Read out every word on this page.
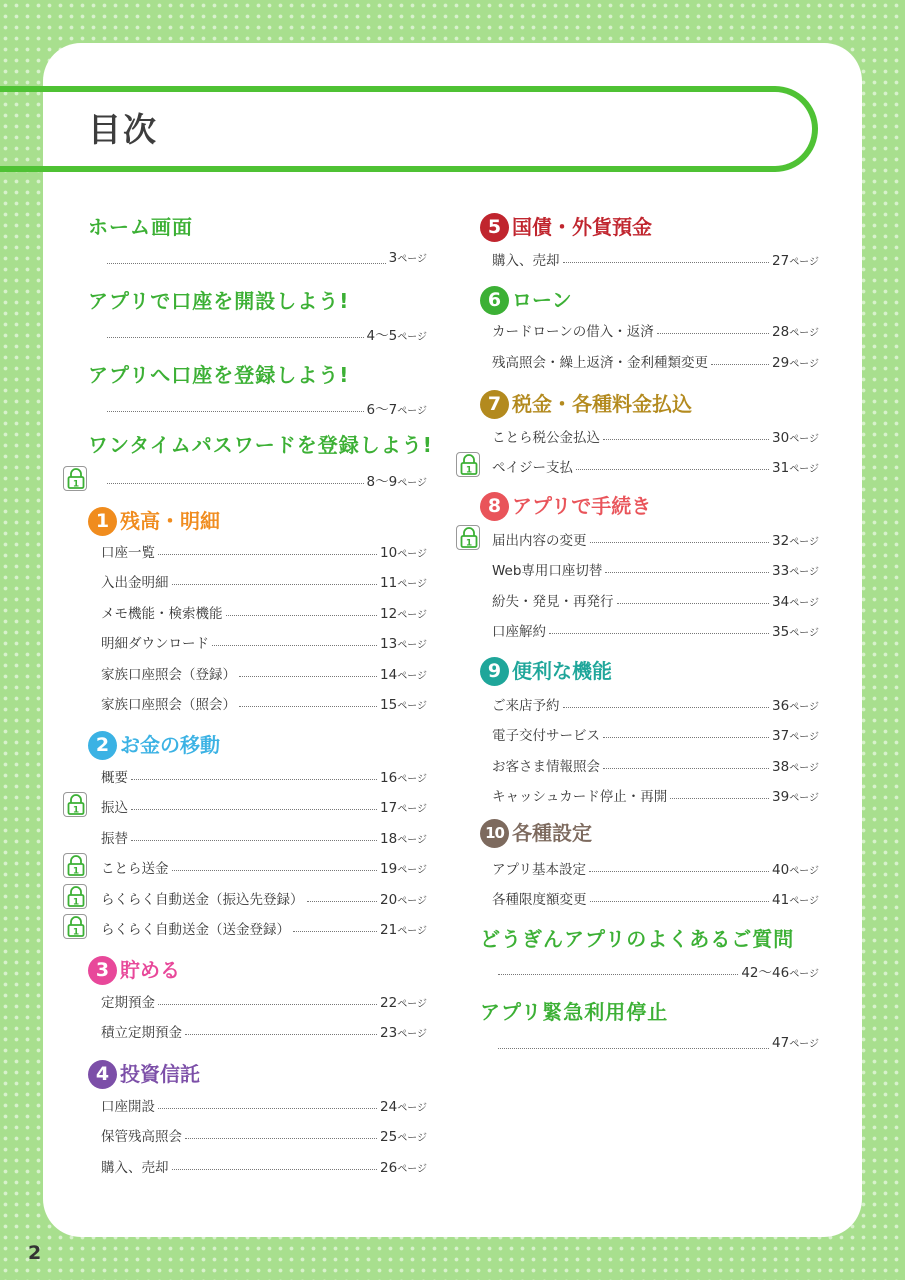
目次
2
ホーム画面
3ページ
アプリで口座を開設しよう!
4〜5ページ
アプリへ口座を登録しよう!
6〜7ページ
ワンタイムパスワードを登録しよう!
8〜9ページ
1
1 残高・明細
口座一覧	10ページ
入出金明細	11ページ
メモ機能・検索機能	12ページ
明細ダウンロード	13ページ
家族口座照会（登録）	14ページ
家族口座照会（照会）	15ページ
2 お金の移動
概要	16ページ
振込	17ページ
振替	18ページ
ことら送金	19ページ
らくらく自動送金（振込先登録）	20ページ
らくらく自動送金（送金登録）	21ページ
1
1
1
1
3 貯める
定期預金	22ページ
積立定期預金	23ページ
4 投資信託
口座開設	24ページ
保管残高照会	25ページ
購入、売却	26ページ
5 国債・外貨預金
購入、売却	27ページ
6 ローン
カードローンの借入・返済	28ページ
残高照会・繰上返済・金利種類変更	29ページ
7 税金・各種料金払込
ことら税公金払込	30ページ
ペイジー支払	31ページ
1
8 アプリで手続き
届出内容の変更	32ページ
Web専用口座切替	33ページ
紛失・発見・再発行	34ページ
口座解約	35ページ
1
9 便利な機能
ご来店予約	36ページ
電子交付サービス	37ページ
お客さま情報照会	38ページ
キャッシュカード停止・再開	39ページ
10 各種設定
アプリ基本設定	40ページ
各種限度額変更	41ページ
どうぎんアプリのよくあるご質問
42〜46ページ
アプリ緊急利用停止
47ページ
